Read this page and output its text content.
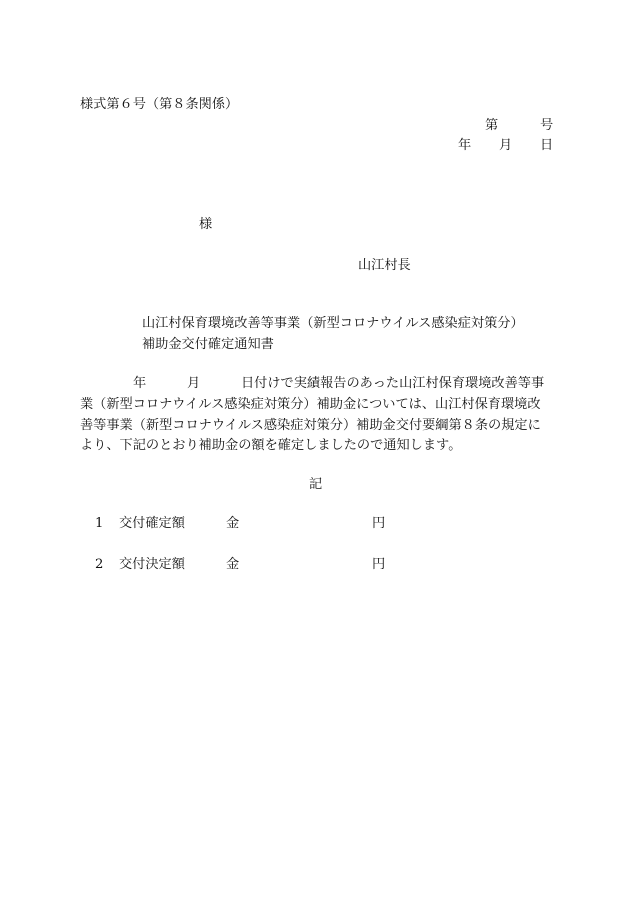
様式第６号（第８条関係）
第	号
年 月 日
様
山江村長
山江村保育環境改善等事業（新型コロナウイルス感染症対策分）
補助金交付確定通知書
年	月	日付けで実績報告のあった山江村保育環境改善等事
業（新型コロナウイルス感染症対策分）補助金については、山江村保育環境改
善等事業（新型コロナウイルス感染症対策分）補助金交付要綱第８条の規定に
より、下記のとおり補助金の額を確定しましたので通知します。
記
1 交付確定額	金	円
2 交付決定額	金	円
